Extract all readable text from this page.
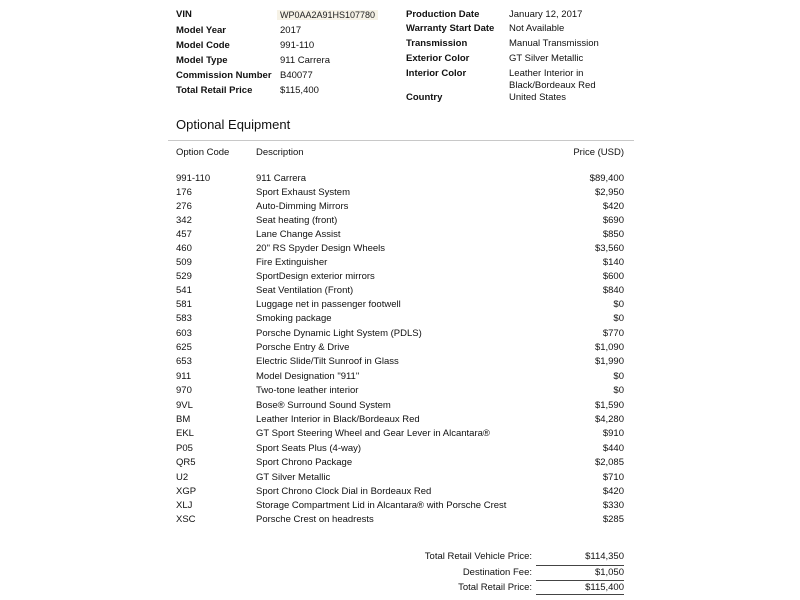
VIN	WP0AA2A91HS107780
Model Year	2017
Model Code	991-110
Model Type	911 Carrera
Commission Number B40077
Total Retail Price	$115,400
Production Date	January 12, 2017
Warranty Start Date Not Available
Transmission	Manual Transmission
Exterior Color	GT Silver Metallic
Interior Color	Leather Interior in
Black/Bordeaux Red
Country	United States
Optional Equipment
Option Code	Description	Price (USD)
991-110	911 Carrera	$89,400
176	Sport Exhaust System	$2,950
276	Auto-Dimming Mirrors	$420
342	Seat heating (front)	$690
457	Lane Change Assist	$850
460	20" RS Spyder Design Wheels	$3,560
509	Fire Extinguisher	$140
529	SportDesign exterior mirrors	$600
541	Seat Ventilation (Front)	$840
581	Luggage net in passenger footwell	$0
583	Smoking package	$0
603	Porsche Dynamic Light System (PDLS)	$770
625	Porsche Entry & Drive	$1,090
653	Electric Slide/Tilt Sunroof in Glass	$1,990
911	Model Designation "911"	$0
970	Two-tone leather interior	$0
9VL	Bose® Surround Sound System	$1,590
BM	Leather Interior in Black/Bordeaux Red	$4,280
EKL	GT Sport Steering Wheel and Gear Lever in Alcantara®	$910
P05	Sport Seats Plus (4-way)	$440
QR5	Sport Chrono Package	$2,085
U2	GT Silver Metallic	$710
XGP	Sport Chrono Clock Dial in Bordeaux Red	$420
XLJ	Storage Compartment Lid in Alcantara® with Porsche Crest	$330
XSC	Porsche Crest on headrests	$285
Total Retail Vehicle Price:	$114,350
Destination Fee:	$1,050
Total Retail Price:	$115,400
